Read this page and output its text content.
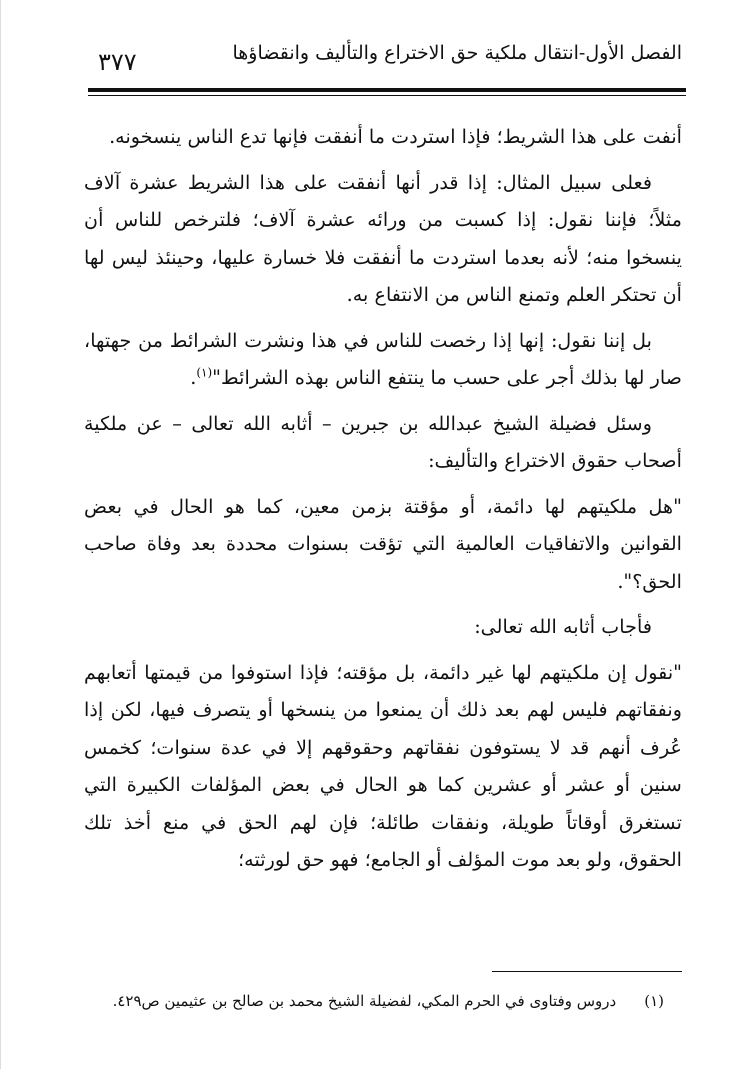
الفصل الأول-انتقال ملكية حق الاختراع والتأليف وانقضاؤها
٣٧٧

أنفت على هذا الشريط؛ فإذا استردت ما أنفقت فإنها تدع الناس ينسخونه.

فعلى سبيل المثال: إذا قدر أنها أنفقت على هذا الشريط عشرة آلاف مثلاً؛ فإننا نقول: إذا كسبت من ورائه عشرة آلاف؛ فلترخص للناس أن ينسخوا منه؛ لأنه بعدما استردت ما أنفقت فلا خسارة عليها، وحينئذ ليس لها أن تحتكر العلم وتمنع الناس من الانتفاع به.

بل إننا نقول: إنها إذا رخصت للناس في هذا ونشرت الشرائط من جهتها، صار لها بذلك أجر على حسب ما ينتفع الناس بهذه الشرائط"$^{(١)}$.

وسئل فضيلة الشيخ عبدالله بن جبرين – أثابه الله تعالى – عن ملكية أصحاب حقوق الاختراع والتأليف:

"هل ملكيتهم لها دائمة، أو مؤقتة بزمن معين، كما هو الحال في بعض القوانين والاتفاقيات العالمية التي تؤقت بسنوات محددة بعد وفاة صاحب الحق؟".

فأجاب أثابه الله تعالى:

"نقول إن ملكيتهم لها غير دائمة، بل مؤقته؛ فإذا استوفوا من قيمتها أتعابهم ونفقاتهم فليس لهم بعد ذلك أن يمنعوا من ينسخها أو يتصرف فيها، لكن إذا عُرف أنهم قد لا يستوفون نفقاتهم وحقوقهم إلا في عدة سنوات؛ كخمس سنين أو عشر أو عشرين كما هو الحال في بعض المؤلفات الكبيرة التي تستغرق أوقاتاً طويلة، ونفقات طائلة؛ فإن لهم الحق في منع أخذ تلك الحقوق، ولو بعد موت المؤلف أو الجامع؛ فهو حق لورثته؛

(١)دروس وفتاوى في الحرم المكي، لفضيلة الشيخ محمد بن صالح بن عثيمين ص٤٢٩.
